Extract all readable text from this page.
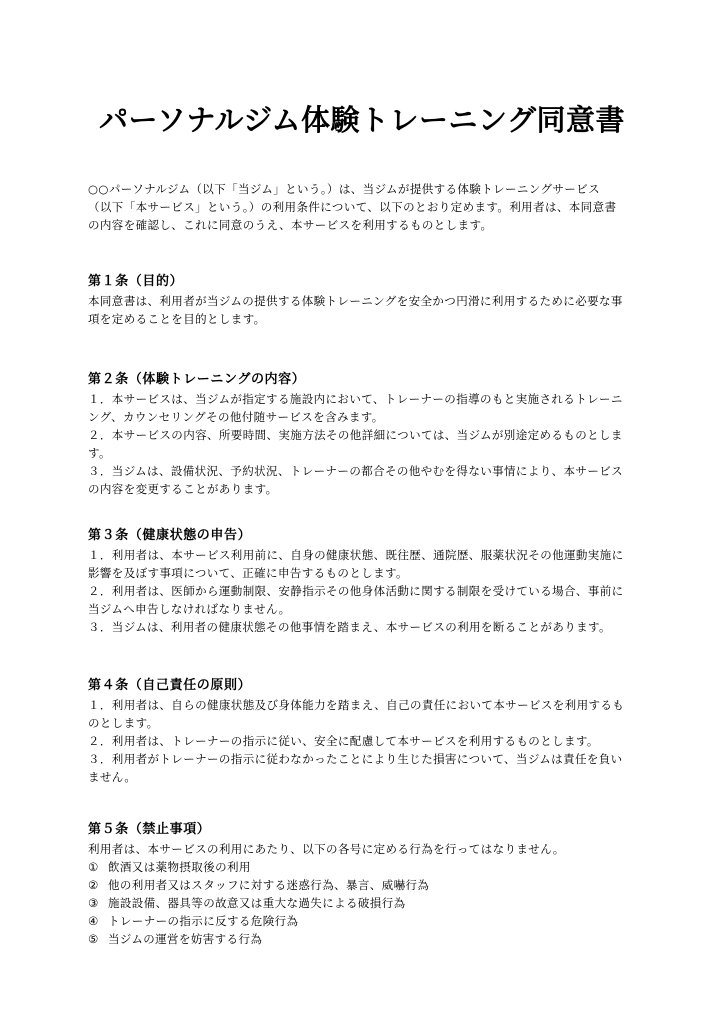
パーソナルジム体験トレーニング同意書
○○パーソナルジム（以下「当ジム」という。）は、当ジムが提供する体験トレーニングサービス
（以下「本サービス」という。）の利用条件について、以下のとおり定めます。利用者は、本同意書
の内容を確認し、これに同意のうえ、本サービスを利用するものとします。
第１条（目的）
本同意書は、利用者が当ジムの提供する体験トレーニングを安全かつ円滑に利用するために必要な事
項を定めることを目的とします。
第２条（体験トレーニングの内容）
１．本サービスは、当ジムが指定する施設内において、トレーナーの指導のもと実施されるトレーニ
ング、カウンセリングその他付随サービスを含みます。
２．本サービスの内容、所要時間、実施方法その他詳細については、当ジムが別途定めるものとしま
す。
３．当ジムは、設備状況、予約状況、トレーナーの都合その他やむを得ない事情により、本サービス
の内容を変更することがあります。
第３条（健康状態の申告）
１．利用者は、本サービス利用前に、自身の健康状態、既往歴、通院歴、服薬状況その他運動実施に
影響を及ぼす事項について、正確に申告するものとします。
２．利用者は、医師から運動制限、安静指示その他身体活動に関する制限を受けている場合、事前に
当ジムへ申告しなければなりません。
３．当ジムは、利用者の健康状態その他事情を踏まえ、本サービスの利用を断ることがあります。
第４条（自己責任の原則）
１．利用者は、自らの健康状態及び身体能力を踏まえ、自己の責任において本サービスを利用するも
のとします。
２．利用者は、トレーナーの指示に従い、安全に配慮して本サービスを利用するものとします。
３．利用者がトレーナーの指示に従わなかったことにより生じた損害について、当ジムは責任を負い
ません。
第５条（禁止事項）
利用者は、本サービスの利用にあたり、以下の各号に定める行為を行ってはなりません。
① 飲酒又は薬物摂取後の利用
② 他の利用者又はスタッフに対する迷惑行為、暴言、威嚇行為
③ 施設設備、器具等の故意又は重大な過失による破損行為
④ トレーナーの指示に反する危険行為
⑤ 当ジムの運営を妨害する行為
